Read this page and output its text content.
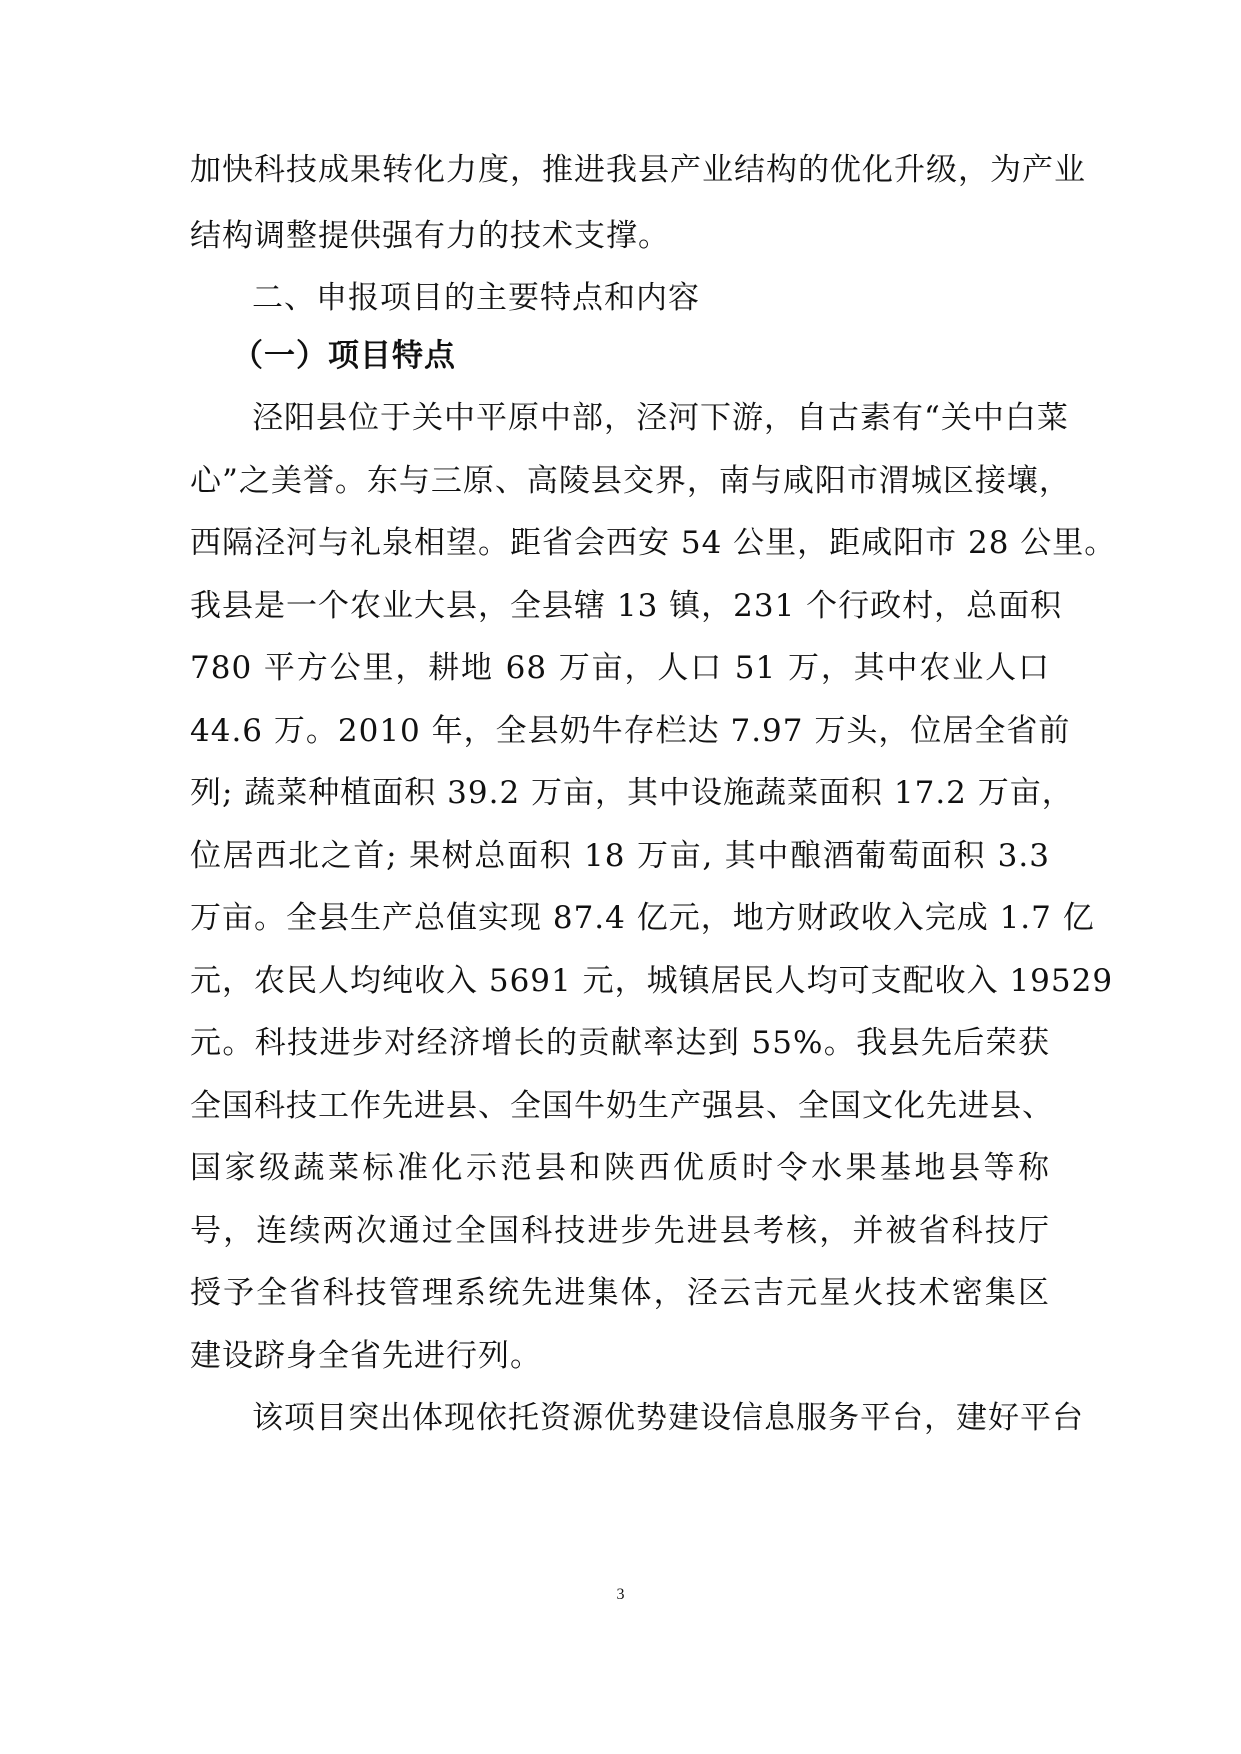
加快科技成果转化力度，推进我县产业结构的优化升级，为产业
结构调整提供强有力的技术支撑。
二、申报项目的主要特点和内容
（一）项目特点
泾阳县位于关中平原中部，泾河下游，自古素有“关中白菜
心”之美誉。东与三原、高陵县交界，南与咸阳市渭城区接壤，
西隔泾河与礼泉相望。距省会西安 54 公里，距咸阳市 28 公里。
我县是一个农业大县，全县辖 13 镇，231 个行政村，总面积
780 平方公里，耕地 68 万亩，人口 51 万，其中农业人口
44.6 万。2010 年，全县奶牛存栏达 7.97 万头，位居全省前
列; 蔬菜种植面积 39.2 万亩，其中设施蔬菜面积 17.2 万亩，
位居西北之首; 果树总面积 18 万亩, 其中酿酒葡萄面积 3.3
万亩。全县生产总值实现 87.4 亿元，地方财政收入完成 1.7 亿
元，农民人均纯收入 5691 元，城镇居民人均可支配收入 19529
元。科技进步对经济增长的贡献率达到 55%。我县先后荣获
全国科技工作先进县、全国牛奶生产强县、全国文化先进县、
国家级蔬菜标准化示范县和陕西优质时令水果基地县等称
号，连续两次通过全国科技进步先进县考核，并被省科技厅
授予全省科技管理系统先进集体，泾云吉元星火技术密集区
建设跻身全省先进行列。
该项目突出体现依托资源优势建设信息服务平台，建好平台
3
